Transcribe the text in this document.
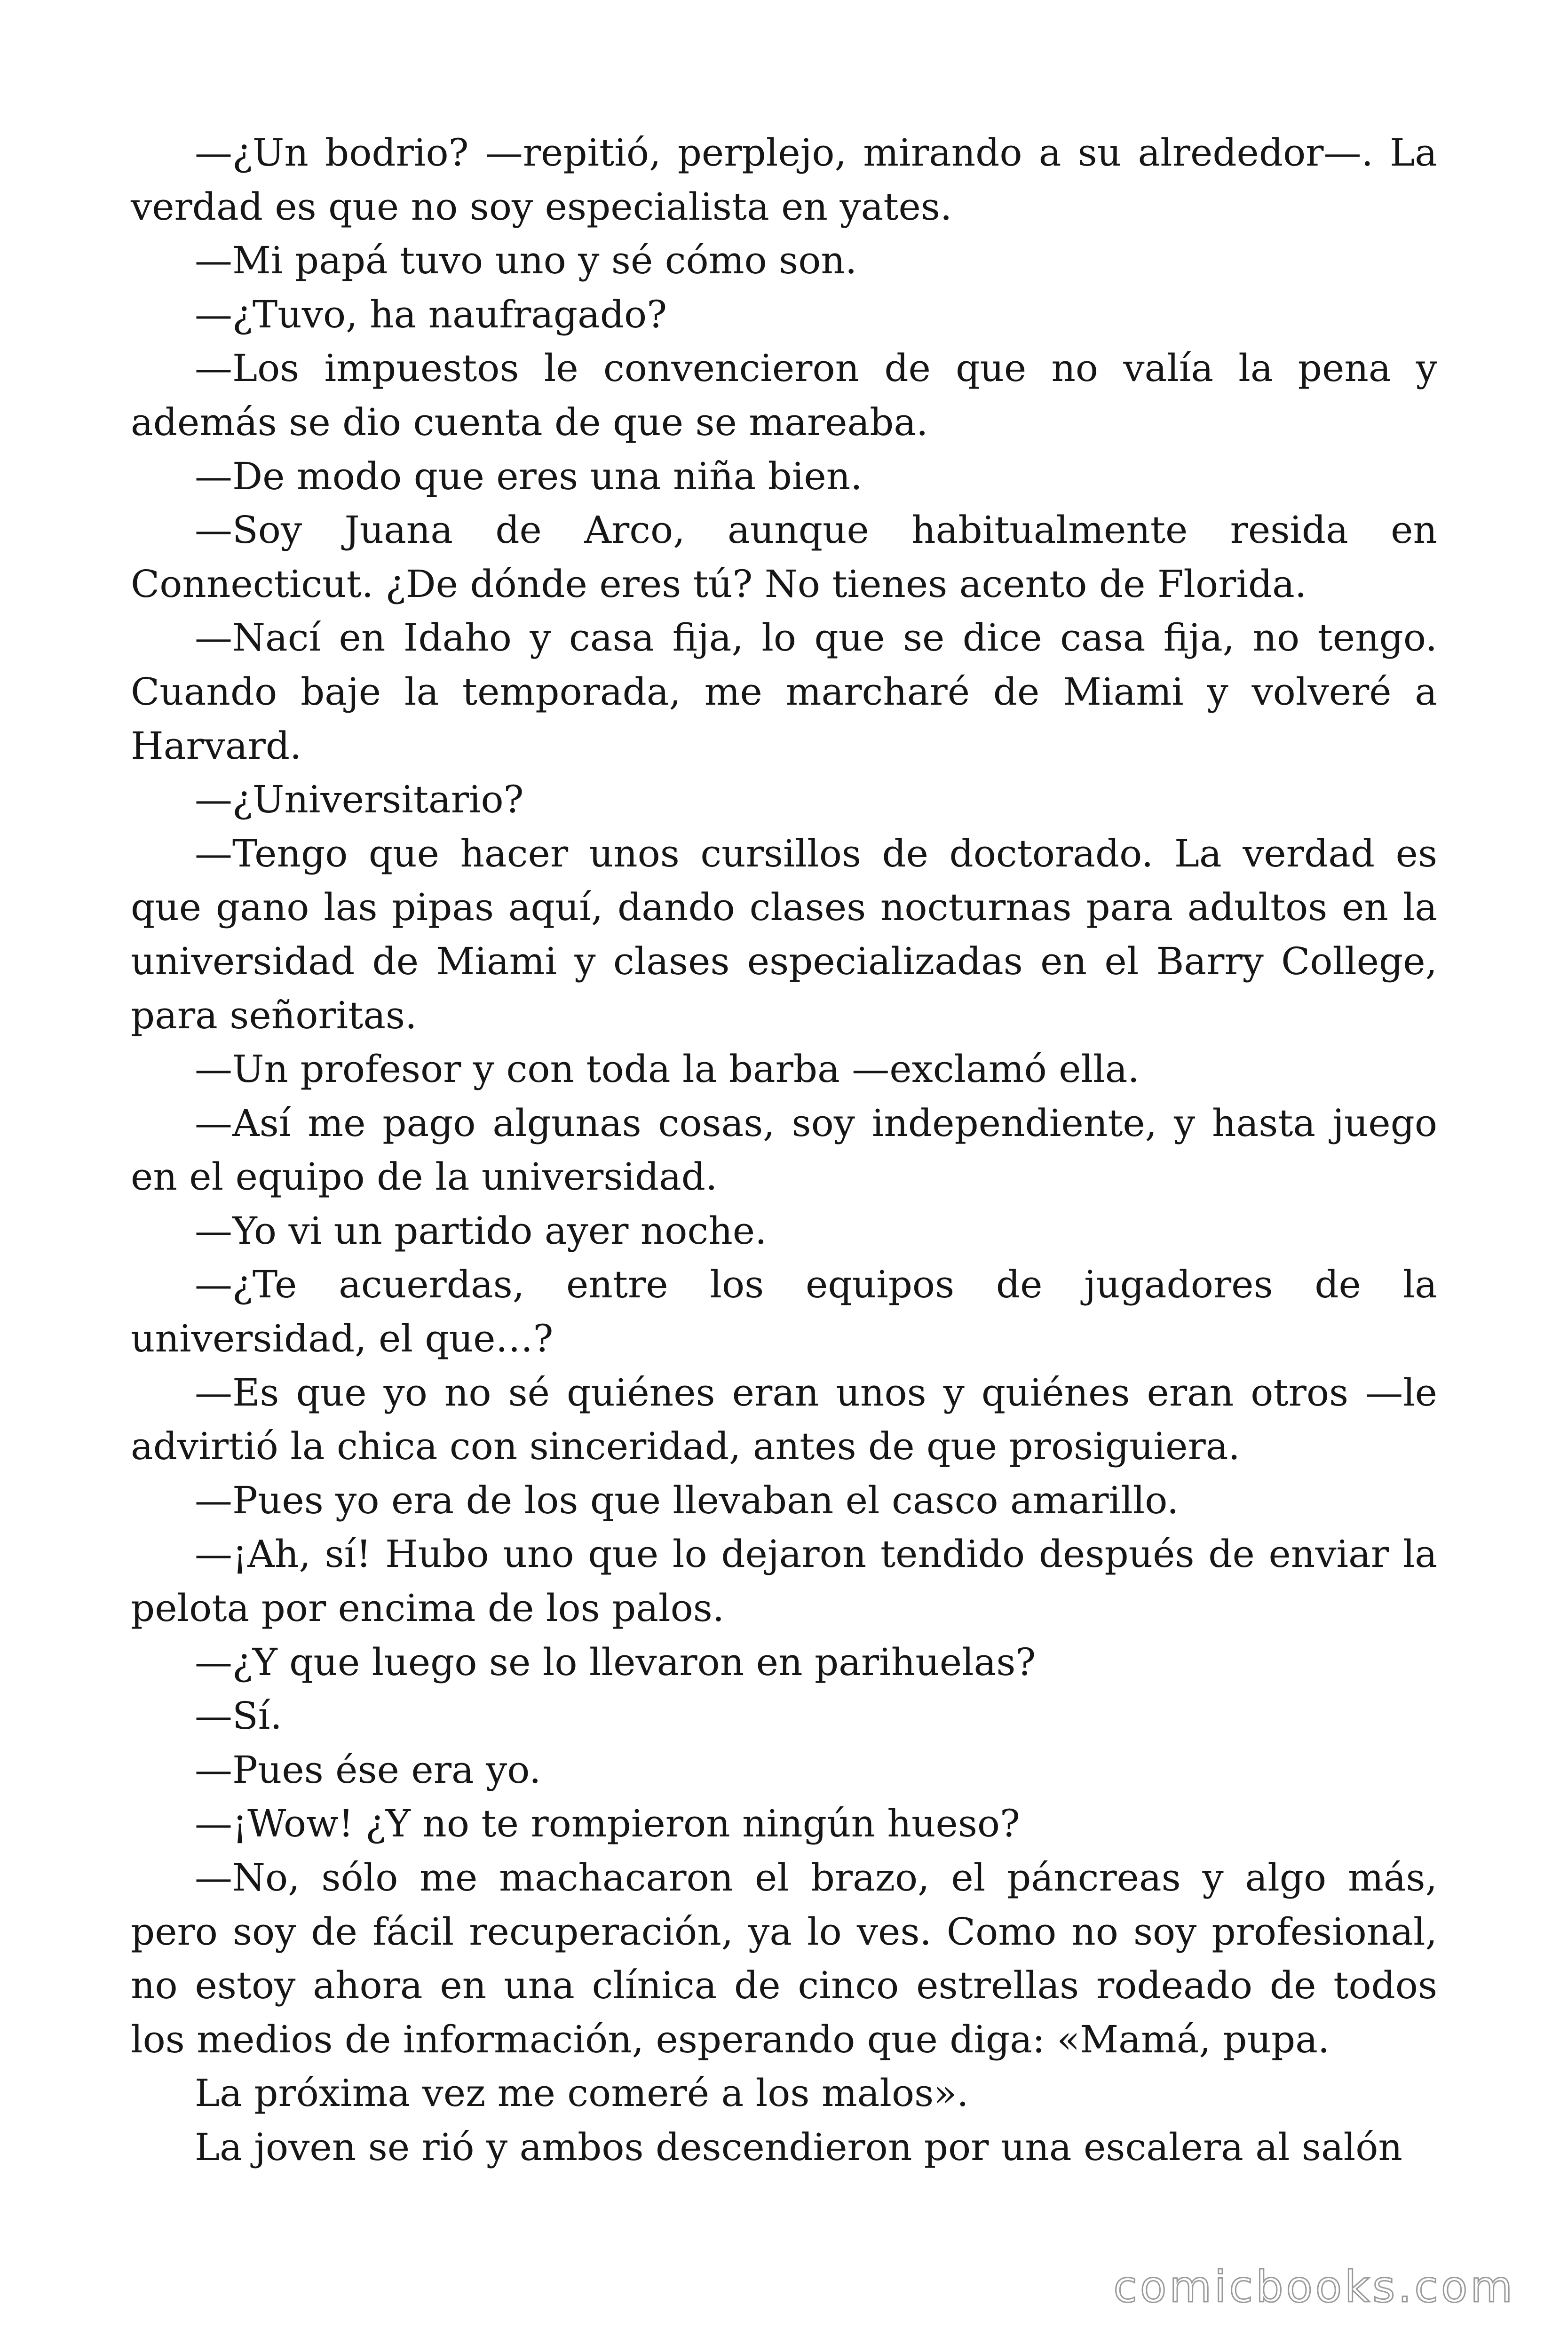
—¿Un bodrio? —repitió, perplejo, mirando a su alrededor—. La verdad es que no soy especialista en yates.

—Mi papá tuvo uno y sé cómo son.

—¿Tuvo, ha naufragado?

—Los impuestos le convencieron de que no valía la pena y además se dio cuenta de que se mareaba.

—De modo que eres una niña bien.

—Soy Juana de Arco, aunque habitualmente resida en Connecticut. ¿De dónde eres tú? No tienes acento de Florida.

—Nací en Idaho y casa fija, lo que se dice casa fija, no tengo. Cuando baje la temporada, me marcharé de Miami y volveré a Harvard.

—¿Universitario?

—Tengo que hacer unos cursillos de doctorado. La verdad es que gano las pipas aquí, dando clases nocturnas para adultos en la universidad de Miami y clases especializadas en el Barry College, para señoritas.

—Un profesor y con toda la barba —exclamó ella.

—Así me pago algunas cosas, soy independiente, y hasta juego en el equipo de la universidad.

—Yo vi un partido ayer noche.

—¿Te acuerdas, entre los equipos de jugadores de la universidad, el que…?

—Es que yo no sé quiénes eran unos y quiénes eran otros —le advirtió la chica con sinceridad, antes de que prosiguiera.

—Pues yo era de los que llevaban el casco amarillo.

—¡Ah, sí! Hubo uno que lo dejaron tendido después de enviar la pelota por encima de los palos.

—¿Y que luego se lo llevaron en parihuelas?

—Sí.

—Pues ése era yo.

—¡Wow! ¿Y no te rompieron ningún hueso?

—No, sólo me machacaron el brazo, el páncreas y algo más, pero soy de fácil recuperación, ya lo ves. Como no soy profesional, no estoy ahora en una clínica de cinco estrellas rodeado de todos los medios de información, esperando que diga: «Mamá, pupa.

La próxima vez me comeré a los malos».

La joven se rió y ambos descendieron por una escalera al salón

comicbooks.com
